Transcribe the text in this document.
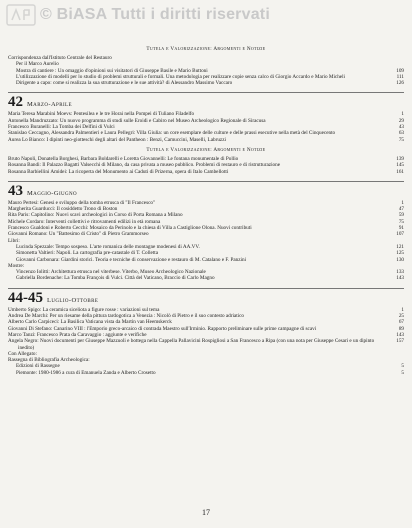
© BiASA Tutti i diritti riservati
Tutela e Valorizzazione: Argomenti e Notizie
Corrispondenza dall'Istituto Centrale del Restauro
Per il Marco Aurelio
Mostra di cantiere : Un omaggio d'opinioni sui visitatori di Giuseppe Basile e Mario Buttoni	109
L'utilizzazione di modelli per lo studio di problemi strutturali e formali. Una metodologia per realizzare copie senza calco di Giorgio Accardo e Mario Micheli	111
Dirigente a capo: come si realizza la sua strutturazione e le sue attività? di Alessandro Massimo Vaccaro	126
42 Marzo-Aprile
Maria Teresa Marabini Moevs: Pentesilea e le tre Horai nella Pompei di Tuliano Filadelfo	1
Antonella Mandruzzato: Un nuovo programma di studi sulle Eroidi e Cabiro nel Museo Archeologico Regionale di Siracusa	29
Francesco Buranelli: La Tomba dei Delfini di Vulci	43
Stanislao Ceccagno, Alessandra Palmentieri e Laura Pellegri: Villa Giulia: un core esemplare delle culture e delle prassi esecutive nella metà del Cinquecento	63
Aurea Lo Bianco: I dipinti neo-giotteschi degli altari del Pantheon : Benzi, Camuccini, Maselli, Labruzzi	75
Tutela e Valorizzazione: Argomenti e Notizie
Bruto Napoli, Donatella Borghesi, Barbara Boldarelli e Loretta Giovannelli: Le fontana monumentale di Pollio	139
Rosanna Bandi: Il Palazzo Bagatti Valsecchi di Milano, da casa privata a museo pubblico. Problemi di restauro e di ristrutturazione	145
Rosanna Barbiellini Amidei: La ricoperta del Monumento ai Caduti di Prizerna, opera di Italo Cambellotti	161
43 Maggio-Giugno
Mauro Pertesi: Genesi e sviluppo della tomba etrusca di "Il Francesco"	1
Margherita Guarducci: Il cosiddetto Trono di Boston	47
Rita Paris: Capitolino: Nuovi scavi archeologici in Corso di Porta Romana a Milano	59
Michele Cordaro: Interventi collettivi e ritrovamenti edilizi in età romana	75
Francesco Gualdoni e Roberto Cecchi: Mosaico da Perinolo e la chiesa di Villa a Castiglione Olona. Nuovi contributi	91
Giovanni Romano: Un "Battesimo di Cristo" di Pietro Grammorseo	107
Libri:
Lucinda Spezzale: Tempo sospeso. L'arte romanica delle montagne modenesi di AA.VV.	121
Simonetta Valtieri: Napoli. La cartografia pre-catastale di T. Colletta	125
Giovanni Carbonara: Giardini storici. Teoria e tecniche di conservazione e restauro di M. Catalano e F. Panzini	130
Mostre:
Vincenzo Iolitti: Architettura etrusca nel viterbese. Viterbo, Museo Archeologico Nazionale	133
Gabriella Bordenache: La Tomba François di Vulci. Città del Vaticano, Braccio di Carlo Magno	143
44-45 Luglio-Ottobre
Umberto Spigo: La ceramica siceliota a figure rosse : variazioni sul tema	1
Andrea De Marchi: Per un riesame della pittura tardogotica a Venezia : Nicolò di Pietro e il suo contesto adriatico	25
Alberto Carlo Carpiceci: La Basilica Vaticana vista da Martin van Heemskerck	67
Giovanni Di Stefano: Canarino VIII : l'Emporio greco-arcaico di contrada Maestro sull'Irminio. Rapporto preliminare sulle prime campagne di scavi	89
Marco Tanzi: Francesco Prata da Caravaggio : aggiunte e verifiche	143
Angela Negro: Nuovi documenti per Giuseppe Mazzuoli e bottega nella Cappella Pallavicini Rospigliosi a San Francesco a Ripa (con una nota per Giuseppe Cesari e un dipinto inedito)
157
Con Allegato:
Rassegna di Bibliografia Archeologica:
Edizioni di Rassegne	5
Piemonte: 1980-1986 a cura di Emanuela Zanda e Alberto Crosetto	5
17
